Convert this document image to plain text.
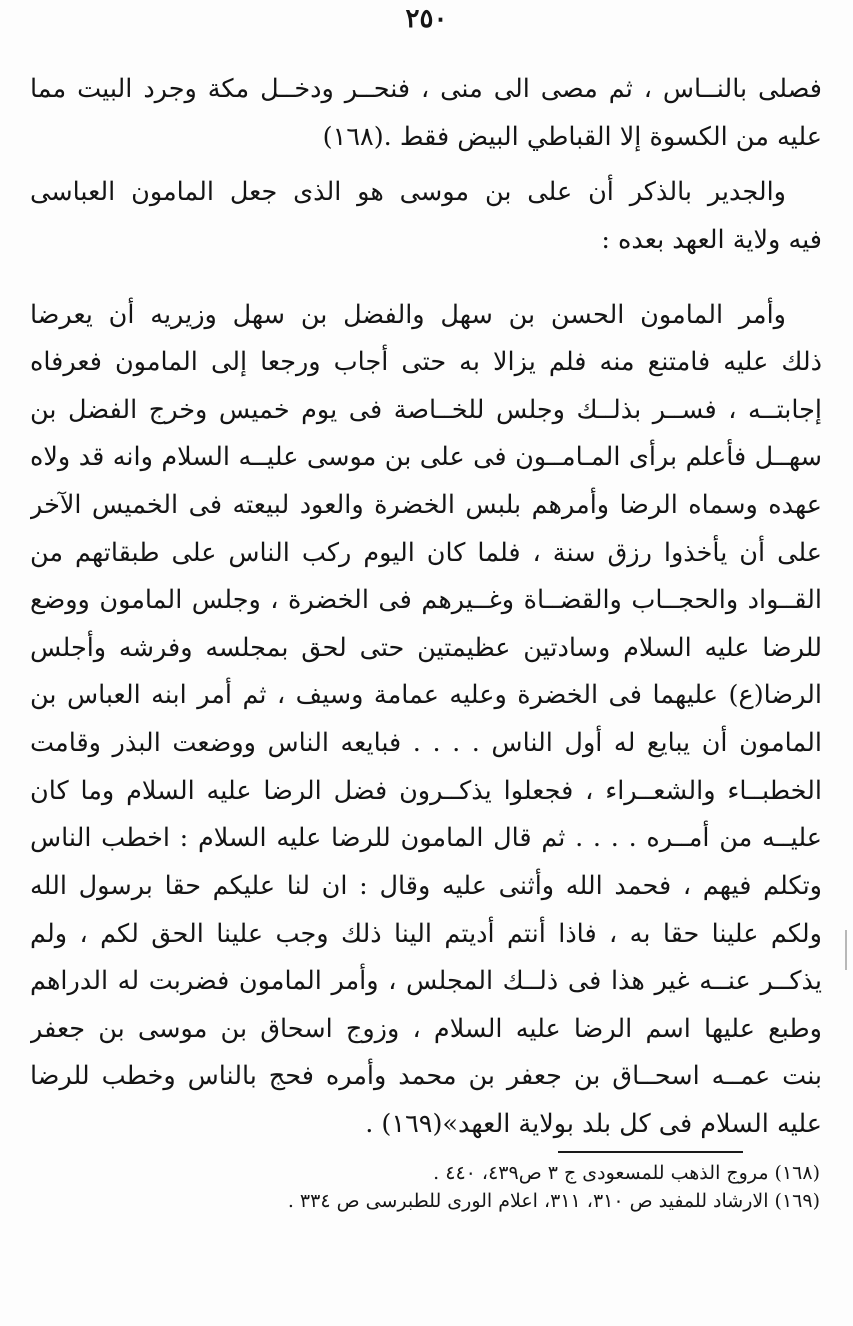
٢٥٠
فصلى بالنــاس ، ثم مصى الى منى ، فنحــر ودخــل مكة وجرد البيت مما
عليه من الكسوة إلا القباطي البيض فقط .(١٦٨)
والجدير بالذكر أن على بن موسى هو الذى جعل المامون العباسى
فيه ولاية العهد بعده :
وأمر المامون الحسن بن سهل والفضل بن سهل وزيريه أن يعرضا
ذلك عليه فامتنع منه فلم يزالا به حتى أجاب ورجعا إلى المامون فعرفاه
إجابتــه ، فســر بذلــك وجلس للخــاصة فى يوم خميس وخرج الفضل بن
سهــل فأعلم برأى المـامــون فى على بن موسى عليــه السلام وانه قد ولاه
عهده وسماه الرضا وأمرهم بلبس الخضرة والعود لبيعته فى الخميس الآخر
على أن يأخذوا رزق سنة ، فلما كان اليوم ركب الناس على طبقاتهم من
القــواد والحجــاب والقضــاة وغــيرهم فى الخضرة ، وجلس المامون ووضع
للرضا عليه السلام وسادتين عظيمتين حتى لحق بمجلسه وفرشه وأجلس
الرضا(ع) عليهما فى الخضرة وعليه عمامة وسيف ، ثم أمر ابنه العباس بن
المامون أن يبايع له أول الناس . . . . فبايعه الناس ووضعت البذر وقامت
الخطبــاء والشعــراء ، فجعلوا يذكــرون فضل الرضا عليه السلام وما كان
عليــه من أمــره . . . . ثم قال المامون للرضا عليه السلام : اخطب الناس
وتكلم فيهم ، فحمد الله وأثنى عليه وقال : ان لنا عليكم حقا برسول الله
ولكم علينا حقا به ، فاذا أنتم أديتم الينا ذلك وجب علينا الحق لكم ، ولم
يذكــر عنــه غير هذا فى ذلــك المجلس ، وأمر المامون فضربت له الدراهم
وطبع عليها اسم الرضا عليه السلام ، وزوج اسحاق بن موسى بن جعفر
بنت عمــه اسحــاق بن جعفر بن محمد وأمره فحج بالناس وخطب للرضا
عليه السلام فى كل بلد بولاية العهد»(١٦٩) .
(١٦٨) مروج الذهب للمسعودى ج ٣ ص٤٣٩، ٤٤٠ .
(١٦٩) الارشاد للمفيد ص ٣١٠، ٣١١، اعلام الورى للطبرسى ص ٣٣٤ .
